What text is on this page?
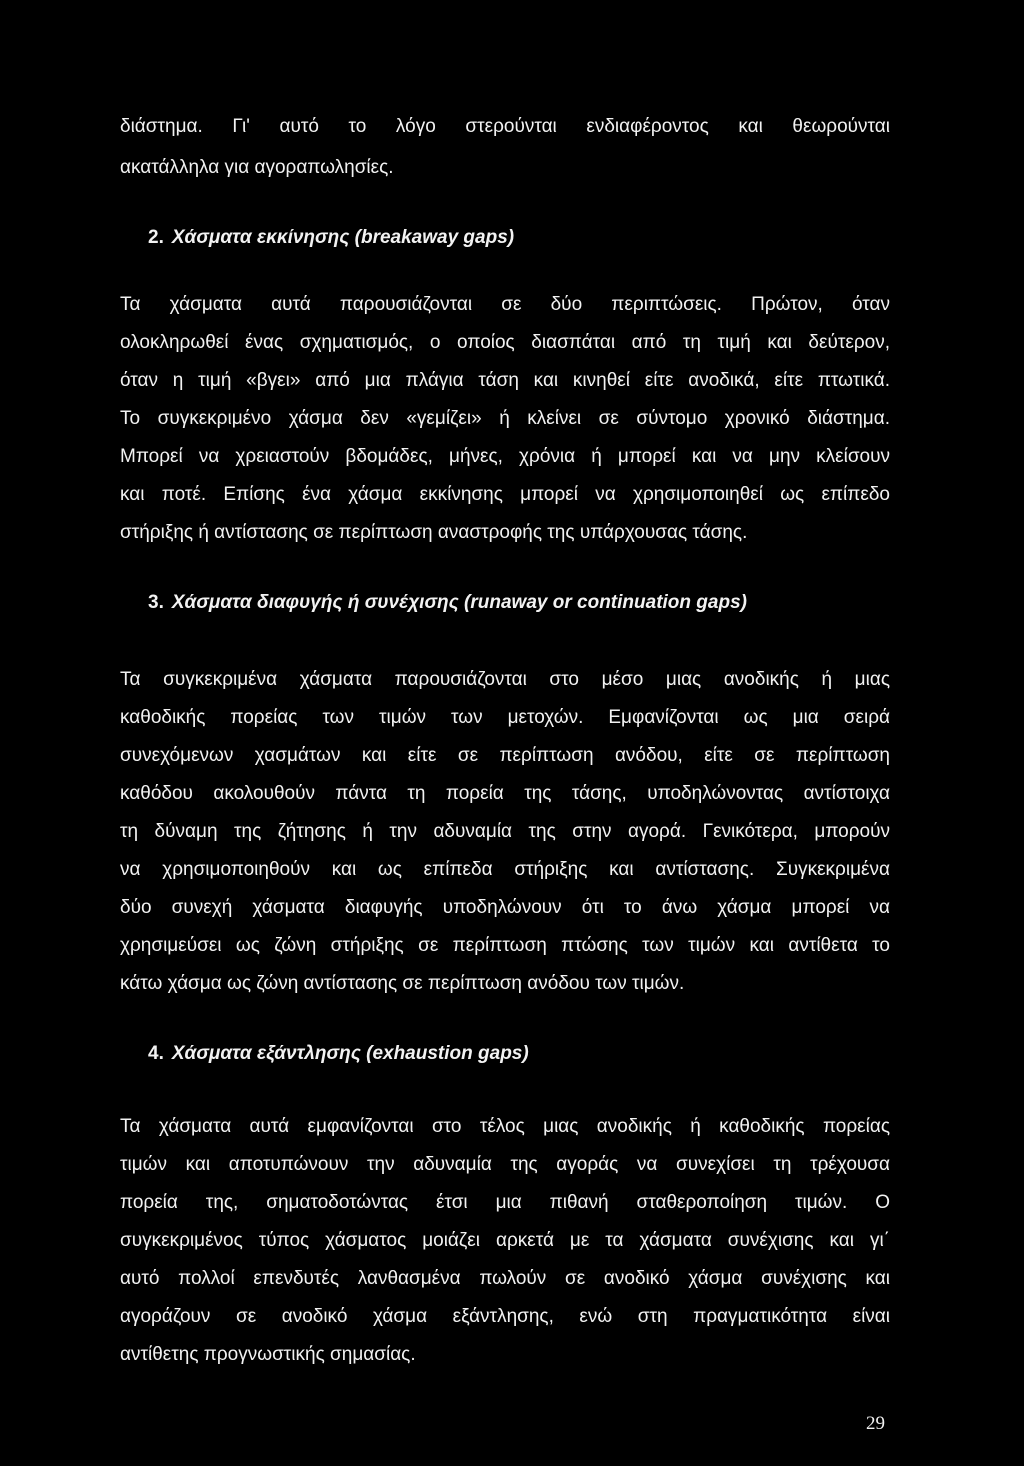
διάστημα. Γι' αυτό το λόγο στερούνται ενδιαφέροντος και θεωρούνται
ακατάλληλα για αγοραπωλησίες.
2. Χάσματα εκκίνησης (breakaway gaps)
Τα χάσματα αυτά παρουσιάζονται σε δύο περιπτώσεις. Πρώτον, όταν
ολοκληρωθεί ένας σχηματισμός, ο οποίος διασπάται από τη τιμή και δεύτερον,
όταν η τιμή «βγει» από μια πλάγια τάση και κινηθεί είτε ανοδικά, είτε πτωτικά.
Το συγκεκριμένο χάσμα δεν «γεμίζει» ή κλείνει σε σύντομο χρονικό διάστημα.
Μπορεί να χρειαστούν βδομάδες, μήνες, χρόνια ή μπορεί και να μην κλείσουν
και ποτέ. Επίσης ένα χάσμα εκκίνησης μπορεί να χρησιμοποιηθεί ως επίπεδο
στήριξης ή αντίστασης σε περίπτωση αναστροφής της υπάρχουσας τάσης.
3. Χάσματα διαφυγής ή συνέχισης (runaway or continuation gaps)
Τα συγκεκριμένα χάσματα παρουσιάζονται στο μέσο μιας ανοδικής ή μιας
καθοδικής πορείας των τιμών των μετοχών. Εμφανίζονται ως μια σειρά
συνεχόμενων χασμάτων και είτε σε περίπτωση ανόδου, είτε σε περίπτωση
καθόδου ακολουθούν πάντα τη πορεία της τάσης, υποδηλώνοντας αντίστοιχα
τη δύναμη της ζήτησης ή την αδυναμία της στην αγορά. Γενικότερα, μπορούν
να χρησιμοποιηθούν και ως επίπεδα στήριξης και αντίστασης. Συγκεκριμένα
δύο συνεχή χάσματα διαφυγής υποδηλώνουν ότι το άνω χάσμα μπορεί να
χρησιμεύσει ως ζώνη στήριξης σε περίπτωση πτώσης των τιμών και αντίθετα το
κάτω χάσμα ως ζώνη αντίστασης σε περίπτωση ανόδου των τιμών.
4. Χάσματα εξάντλησης (exhaustion gaps)
Τα χάσματα αυτά εμφανίζονται στο τέλος μιας ανοδικής ή καθοδικής πορείας
τιμών και αποτυπώνουν την αδυναμία της αγοράς να συνεχίσει τη τρέχουσα
πορεία της, σηματοδοτώντας έτσι μια πιθανή σταθεροποίηση τιμών. Ο
συγκεκριμένος τύπος χάσματος μοιάζει αρκετά με τα χάσματα συνέχισης και γι΄
αυτό πολλοί επενδυτές λανθασμένα πωλούν σε ανοδικό χάσμα συνέχισης και
αγοράζουν σε ανοδικό χάσμα εξάντλησης, ενώ στη πραγματικότητα είναι
αντίθετης προγνωστικής σημασίας.
29
